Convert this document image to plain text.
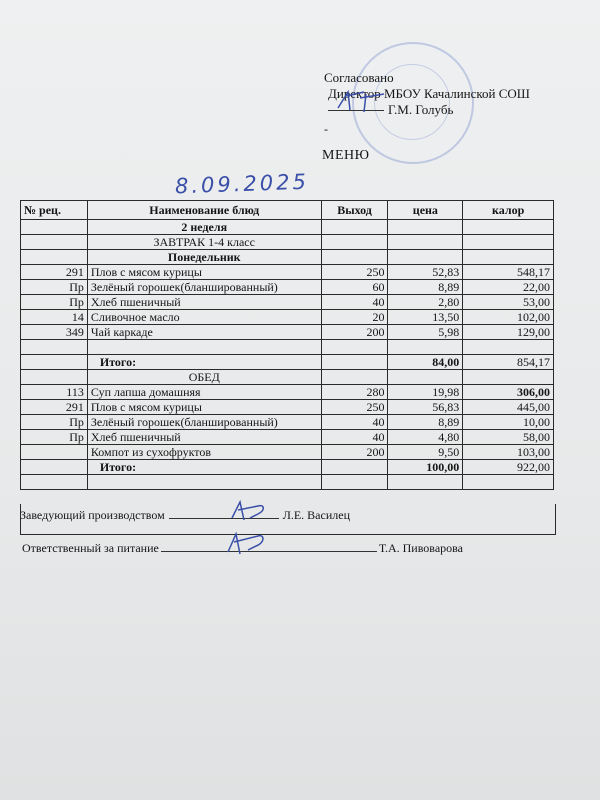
Согласовано
Директор МБОУ Качалинской СОШ
Г.М. Голубь
-
МЕНЮ
8.09.2025
№ рец.	Наименование блюд	Выход	цена	калор
	2 неделя			
	ЗАВТРАК 1-4 класс			
	Понедельник			
291	Плов с мясом курицы	250	52,83	548,17
Пр	Зелёный горошек(бланшированный)	60	8,89	22,00
Пр	Хлеб пшеничный	40	2,80	53,00
14	Сливочное масло	20	13,50	102,00
349	Чай каркаде	200	5,98	129,00

	Итого:		84,00	854,17
	ОБЕД			
113	Суп лапша домашняя	280	19,98	306,00
291	Плов с мясом курицы	250	56,83	445,00
Пр	Зелёный горошек(бланшированный)	40	8,89	10,00
Пр	Хлеб пшеничный	40	4,80	58,00
	Компот из сухофруктов	200	9,50	103,00
	Итого:		100,00	922,00

Заведующий производством	Л.Е. Василец
Ответственный за питание	Т.А. Пивоварова
